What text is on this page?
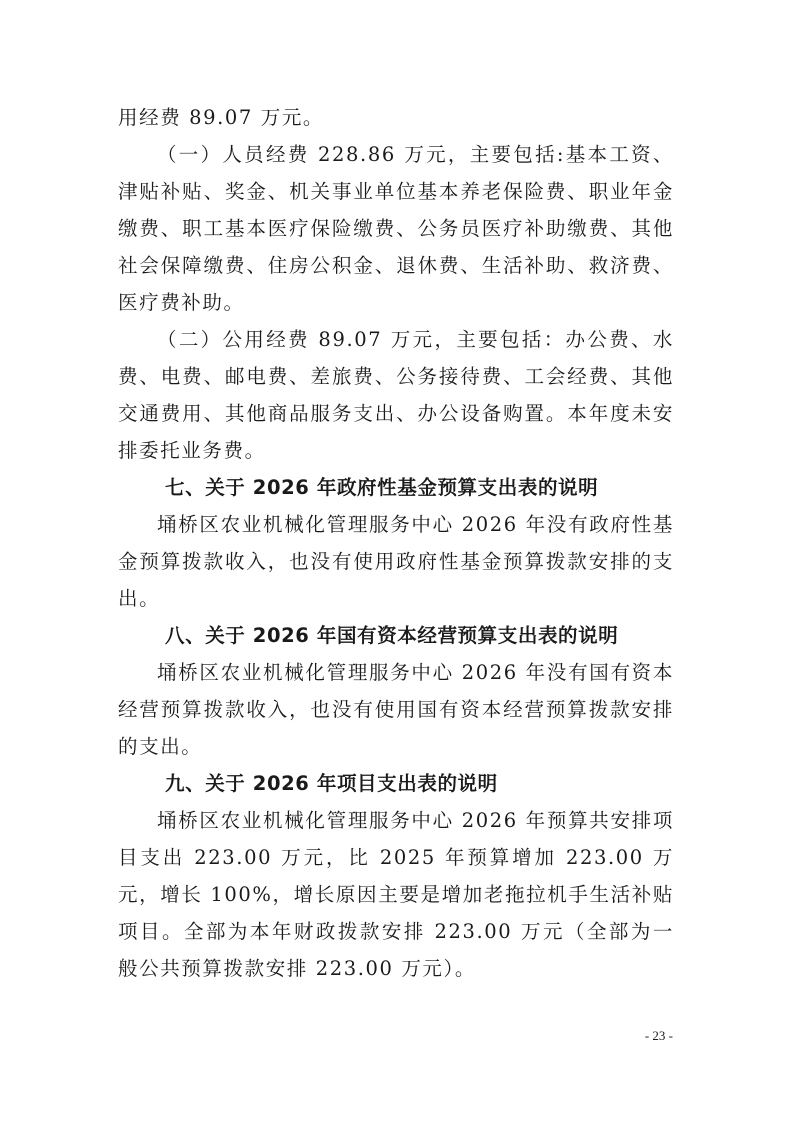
用经费 89.07 万元。

（一）人员经费 228.86 万元，主要包括:基本工资、津贴补贴、奖金、机关事业单位基本养老保险费、职业年金缴费、职工基本医疗保险缴费、公务员医疗补助缴费、其他社会保障缴费、住房公积金、退休费、生活补助、救济费、医疗费补助。

（二）公用经费 89.07 万元，主要包括：办公费、水费、电费、邮电费、差旅费、公务接待费、工会经费、其他交通费用、其他商品服务支出、办公设备购置。本年度未安排委托业务费。

七、关于 2026 年政府性基金预算支出表的说明

埇桥区农业机械化管理服务中心 2026 年没有政府性基金预算拨款收入，也没有使用政府性基金预算拨款安排的支出。

八、关于 2026 年国有资本经营预算支出表的说明

埇桥区农业机械化管理服务中心 2026 年没有国有资本经营预算拨款收入，也没有使用国有资本经营预算拨款安排的支出。

九、关于 2026 年项目支出表的说明

埇桥区农业机械化管理服务中心 2026 年预算共安排项目支出 223.00 万元，比 2025 年预算增加 223.00 万元，增长 100%，增长原因主要是增加老拖拉机手生活补贴项目。全部为本年财政拨款安排 223.00 万元（全部为一般公共预算拨款安排 223.00 万元）。

- 23 -
